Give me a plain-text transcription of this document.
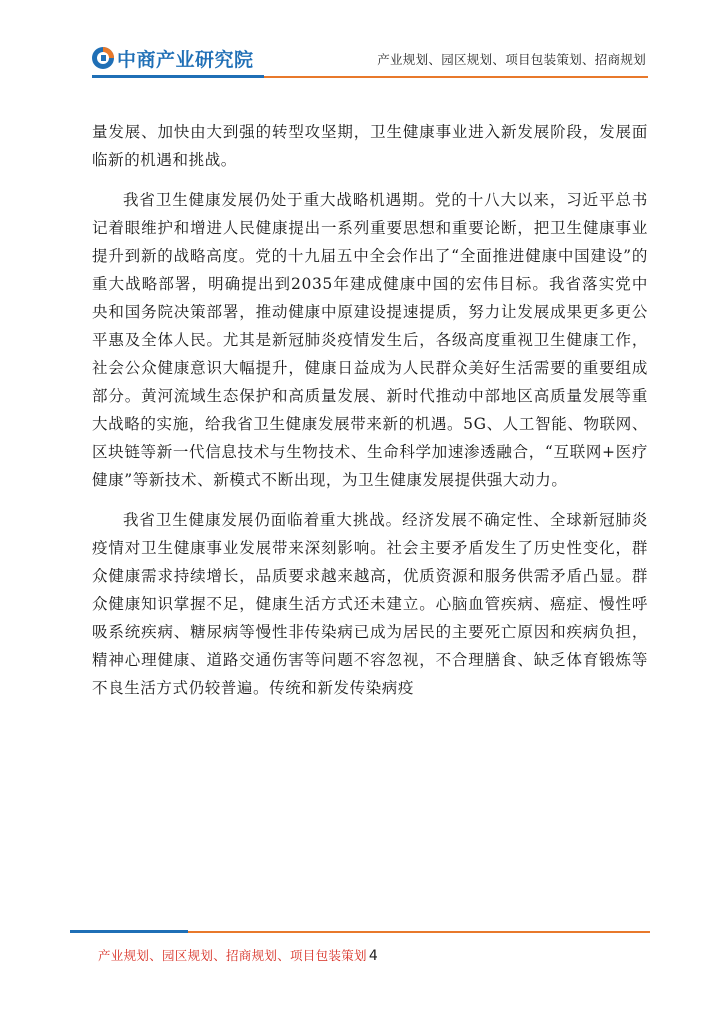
中商产业研究院	产业规划、园区规划、项目包装策划、招商规划

量发展、加快由大到强的转型攻坚期，卫生健康事业进入新发展阶段，发展面临新的机遇和挑战。

我省卫生健康发展仍处于重大战略机遇期。党的十八大以来，习近平总书记着眼维护和增进人民健康提出一系列重要思想和重要论断，把卫生健康事业提升到新的战略高度。党的十九届五中全会作出了“全面推进健康中国建设”的重大战略部署，明确提出到2035年建成健康中国的宏伟目标。我省落实党中央和国务院决策部署，推动健康中原建设提速提质，努力让发展成果更多更公平惠及全体人民。尤其是新冠肺炎疫情发生后，各级高度重视卫生健康工作，社会公众健康意识大幅提升，健康日益成为人民群众美好生活需要的重要组成部分。黄河流域生态保护和高质量发展、新时代推动中部地区高质量发展等重大战略的实施，给我省卫生健康发展带来新的机遇。5G、人工智能、物联网、区块链等新一代信息技术与生物技术、生命科学加速渗透融合，“互联网+医疗健康”等新技术、新模式不断出现，为卫生健康发展提供强大动力。

我省卫生健康发展仍面临着重大挑战。经济发展不确定性、全球新冠肺炎疫情对卫生健康事业发展带来深刻影响。社会主要矛盾发生了历史性变化，群众健康需求持续增长，品质要求越来越高，优质资源和服务供需矛盾凸显。群众健康知识掌握不足，健康生活方式还未建立。心脑血管疾病、癌症、慢性呼吸系统疾病、糖尿病等慢性非传染病已成为居民的主要死亡原因和疾病负担，精神心理健康、道路交通伤害等问题不容忽视，不合理膳食、缺乏体育锻炼等不良生活方式仍较普遍。传统和新发传染病疫

产业规划、园区规划、招商规划、项目包装策划 4
